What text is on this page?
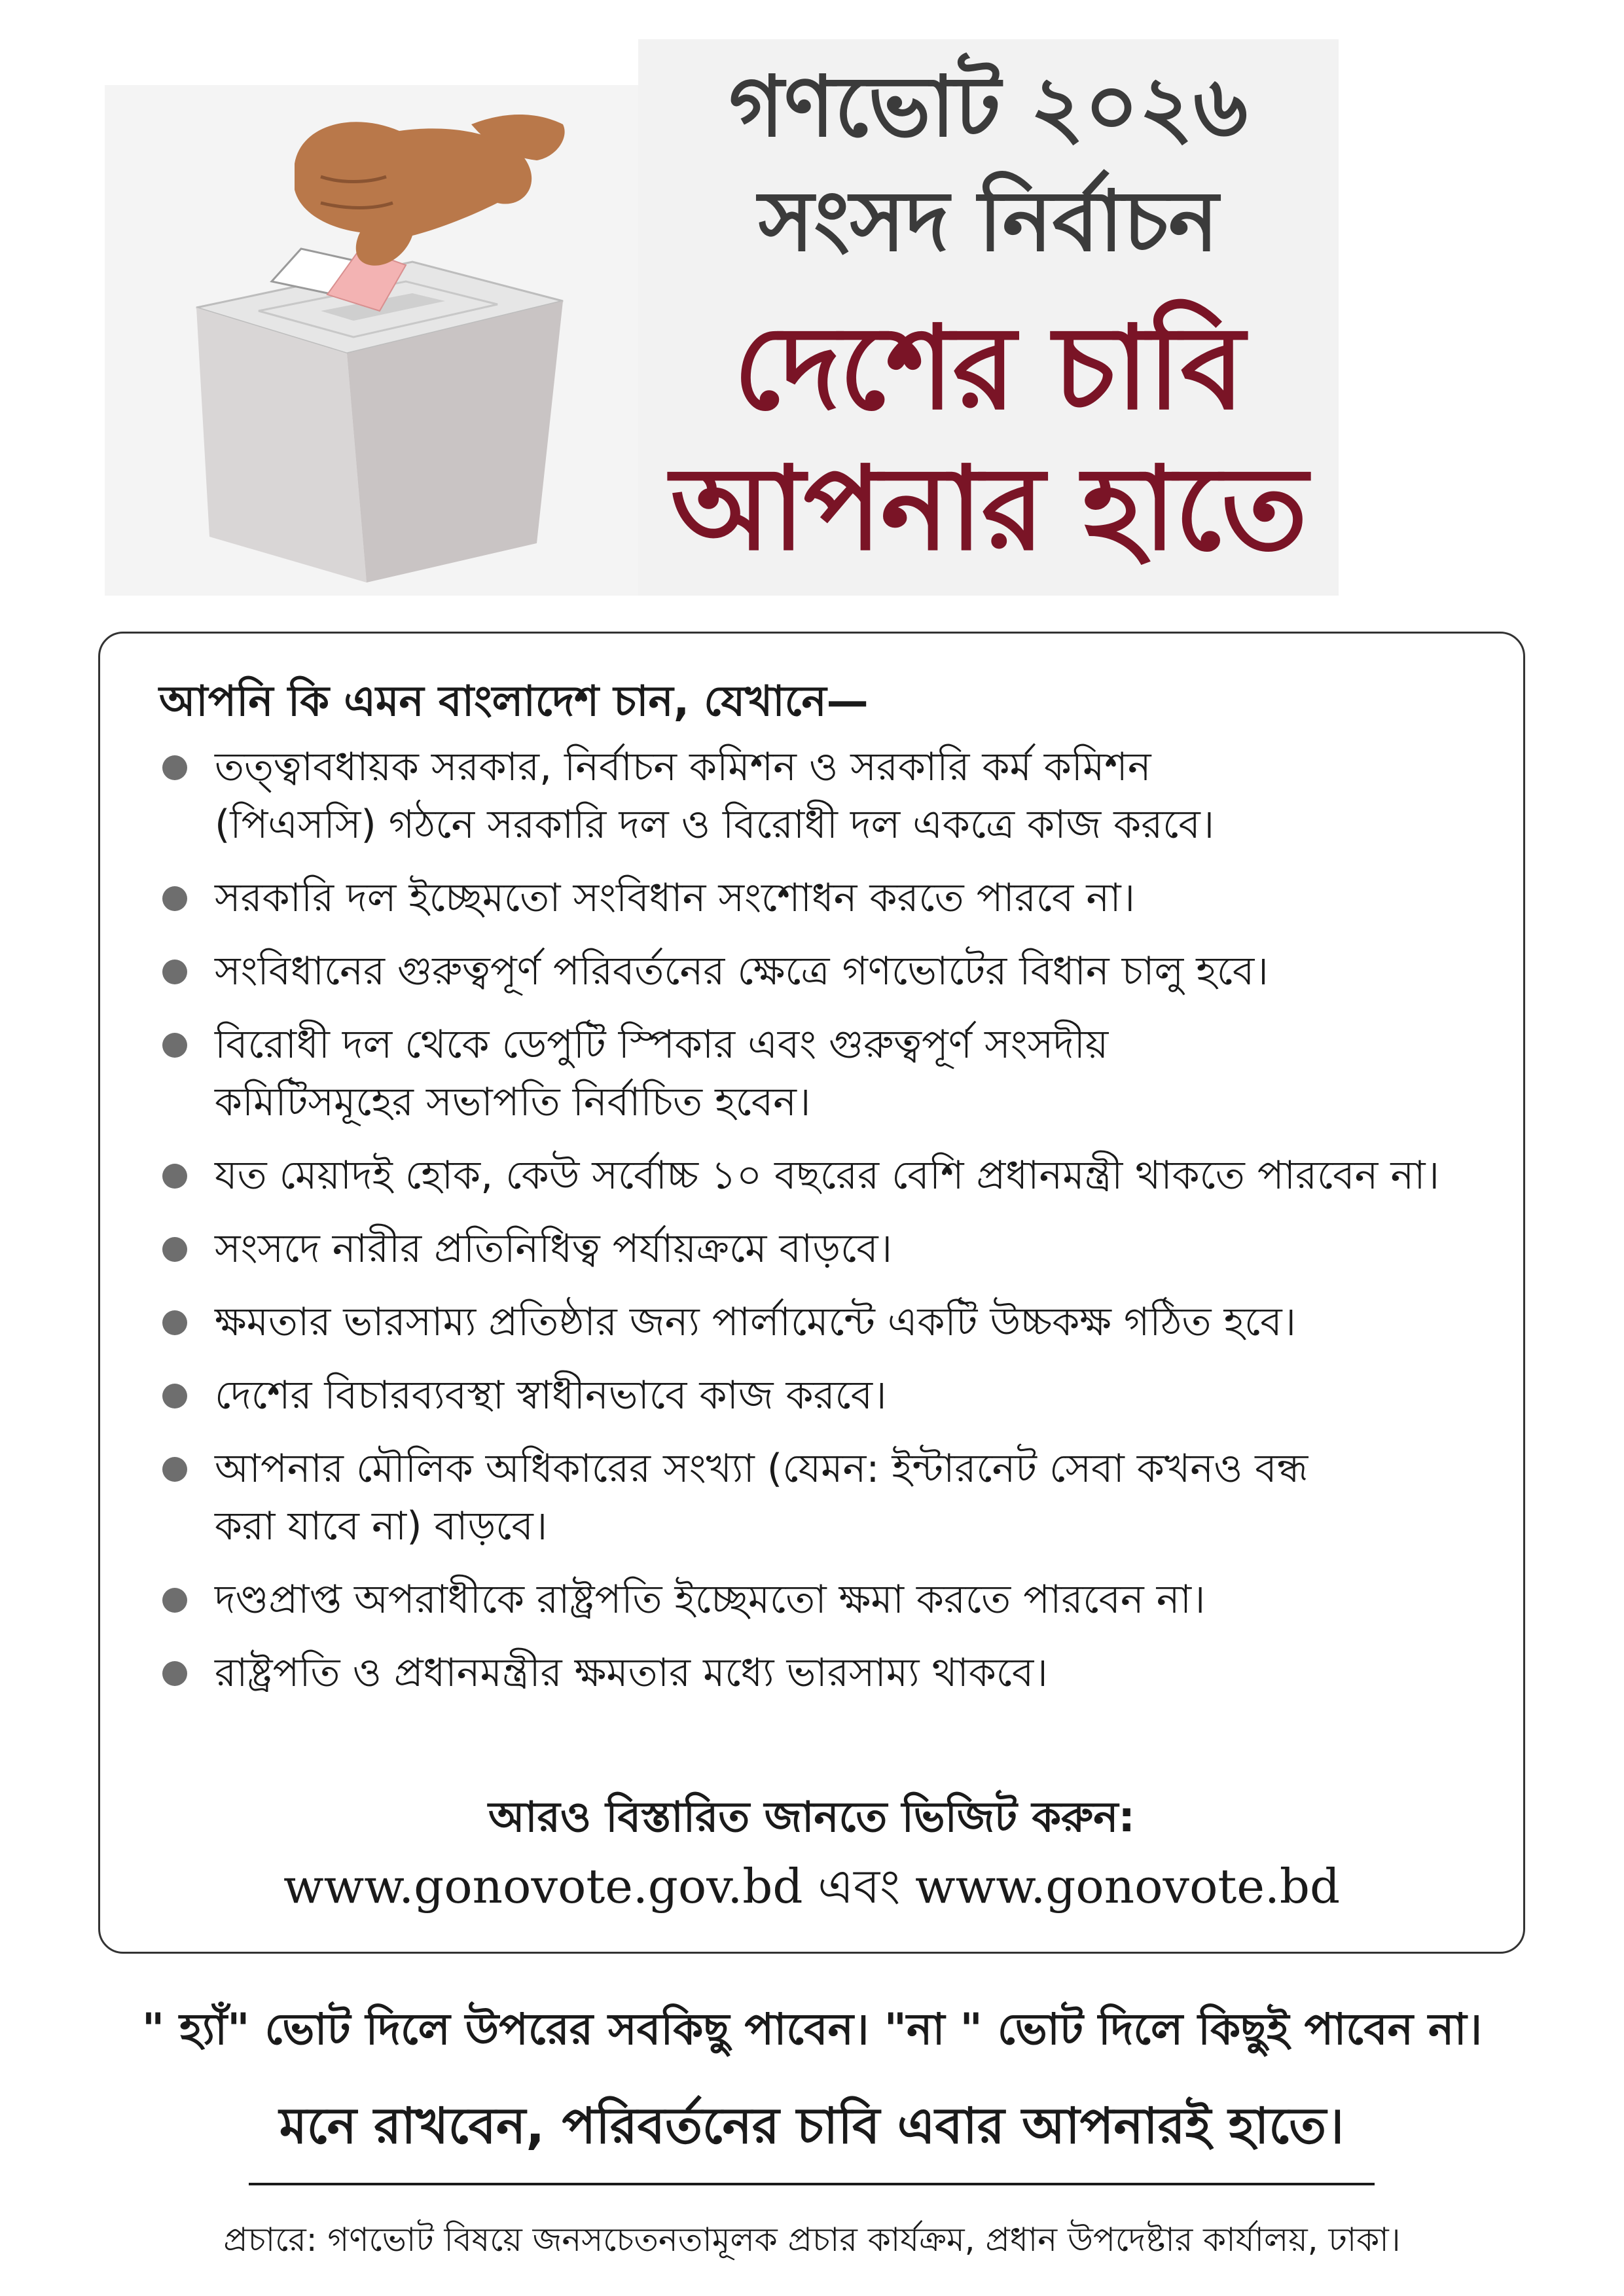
গণভোট ২০২৬
সংসদ নির্বাচন
দেশের চাবি
আপনার হাতে
আপনি কি এমন বাংলাদেশ চান, যেখানে—
তত্ত্বাবধায়ক সরকার, নির্বাচন কমিশন ও সরকারি কর্ম কমিশন
(পিএসসি) গঠনে সরকারি দল ও বিরোধী দল একত্রে কাজ করবে।
সরকারি দল ইচ্ছেমতো সংবিধান সংশোধন করতে পারবে না।
সংবিধানের গুরুত্বপূর্ণ পরিবর্তনের ক্ষেত্রে গণভোটের বিধান চালু হবে।
বিরোধী দল থেকে ডেপুটি স্পিকার এবং গুরুত্বপূর্ণ সংসদীয়
কমিটিসমূহের সভাপতি নির্বাচিত হবেন।
যত মেয়াদই হোক, কেউ সর্বোচ্চ ১০ বছরের বেশি প্রধানমন্ত্রী থাকতে পারবেন না।
সংসদে নারীর প্রতিনিধিত্ব পর্যায়ক্রমে বাড়বে।
ক্ষমতার ভারসাম্য প্রতিষ্ঠার জন্য পার্লামেন্টে একটি উচ্চকক্ষ গঠিত হবে।
দেশের বিচারব্যবস্থা স্বাধীনভাবে কাজ করবে।
আপনার মৌলিক অধিকারের সংখ্যা (যেমন: ইন্টারনেট সেবা কখনও বন্ধ
করা যাবে না) বাড়বে।
দণ্ডপ্রাপ্ত অপরাধীকে রাষ্ট্রপতি ইচ্ছেমতো ক্ষমা করতে পারবেন না।
রাষ্ট্রপতি ও প্রধানমন্ত্রীর ক্ষমতার মধ্যে ভারসাম্য থাকবে।
আরও বিস্তারিত জানতে ভিজিট করুন:
www.gonovote.gov.bd এবং www.gonovote.bd
" হ্যাঁ" ভোট দিলে উপরের সবকিছু পাবেন। "না " ভোট দিলে কিছুই পাবেন না।
মনে রাখবেন, পরিবর্তনের চাবি এবার আপনারই হাতে।
প্রচারে: গণভোট বিষয়ে জনসচেতনতামূলক প্রচার কার্যক্রম, প্রধান উপদেষ্টার কার্যালয়, ঢাকা।
